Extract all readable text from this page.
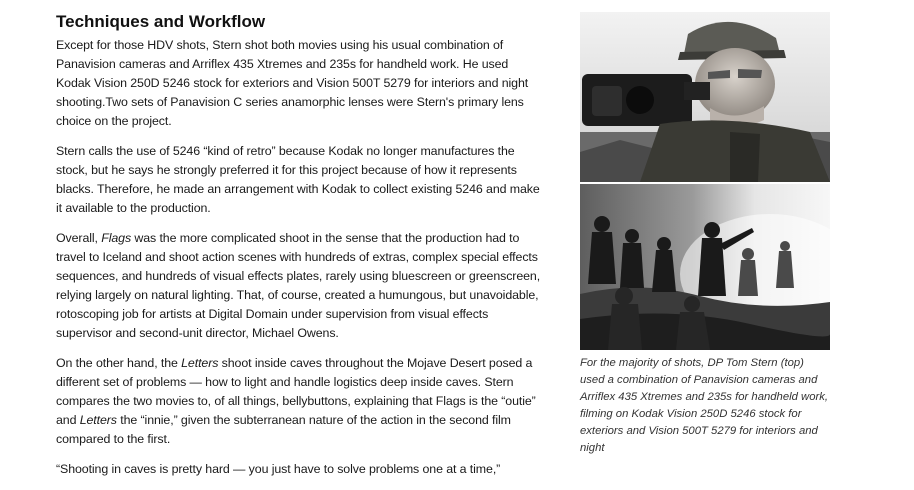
Techniques and Workflow

Except for those HDV shots, Stern shot both movies using his usual combination of Panavision cameras and Arriflex 435 Xtremes and 235s for handheld work. He used Kodak Vision 250D 5246 stock for exteriors and Vision 500T 5279 for interiors and night shooting.Two sets of Panavision C series anamorphic lenses were Stern's primary lens choice on the project.

Stern calls the use of 5246 “kind of retro” because Kodak no longer manufactures the stock, but he says he strongly preferred it for this project because of how it represents blacks. Therefore, he made an arrangement with Kodak to collect existing 5246 and make it available to the production.

Overall, Flags was the more complicated shoot in the sense that the production had to travel to Iceland and shoot action scenes with hundreds of extras, complex special effects sequences, and hundreds of visual effects plates, rarely using bluescreen or greenscreen, relying largely on natural lighting. That, of course, created a humungous, but unavoidable, rotoscoping job for artists at Digital Domain under supervision from visual effects supervisor and second-unit director, Michael Owens.

On the other hand, the Letters shoot inside caves throughout the Mojave Desert posed a different set of problems — how to light and handle logistics deep inside caves. Stern compares the two movies to, of all things, bellybuttons, explaining that Flags is the “outie” and Letters the “innie,” given the subterranean nature of the action in the second film compared to the first.

“Shooting in caves is pretty hard — you just have to solve problems one at a time,”

For the majority of shots, DP Tom Stern (top) used a combination of Panavision cameras and Arriflex 435 Xtremes and 235s for handheld work, filming on Kodak Vision 250D 5246 stock for exteriors and Vision 500T 5279 for interiors and night
